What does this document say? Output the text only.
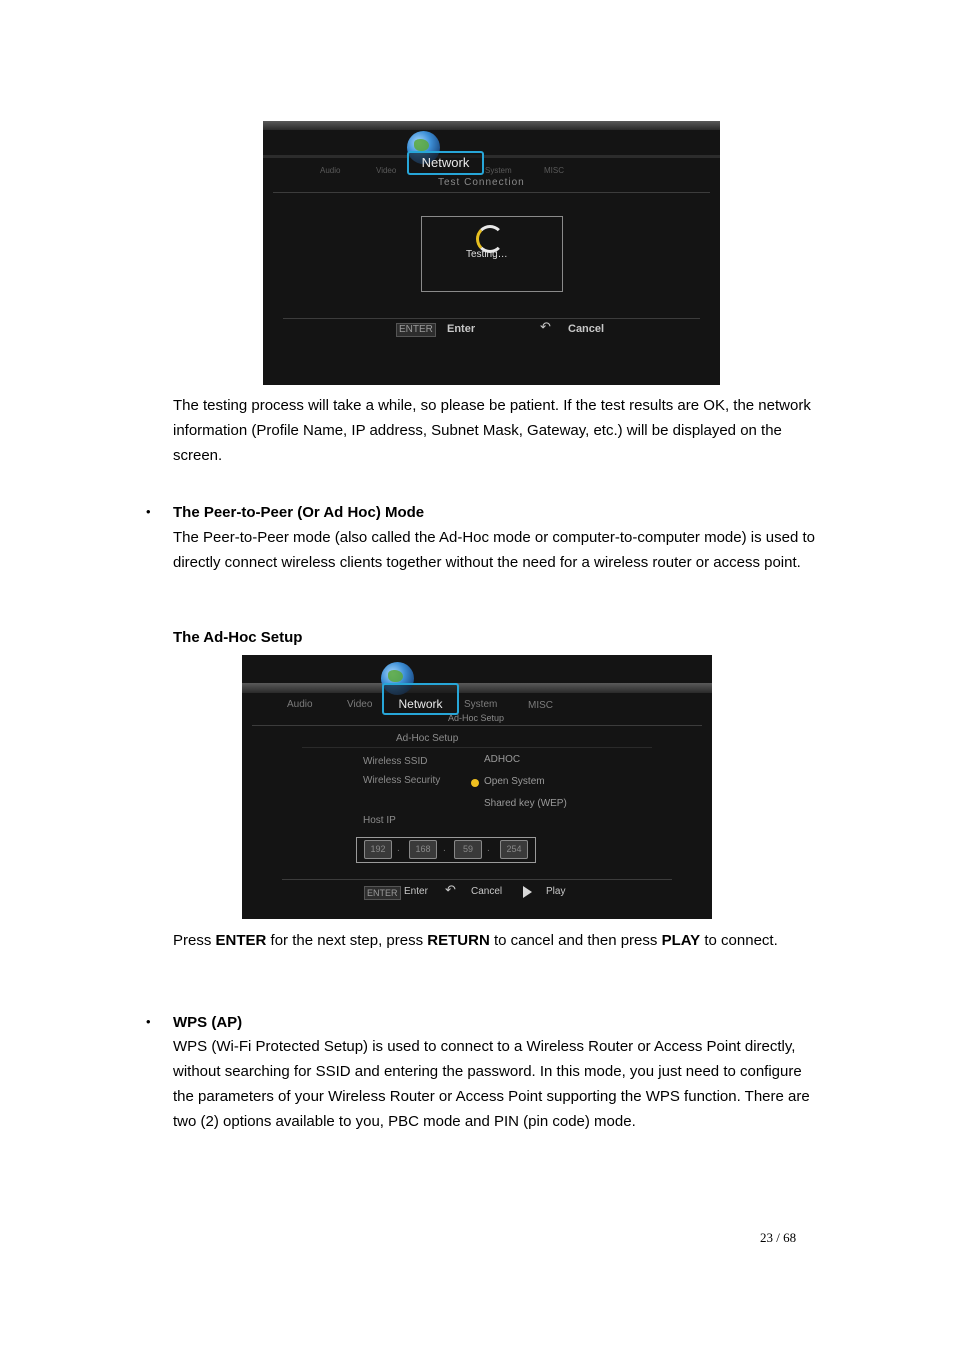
Audio	Video
Network
System	MISC
Test Connection
Testing…
ENTER Enter	↶ Cancel
The testing process will take a while, so please be patient. If the test results are OK, the network information (Profile Name, IP address, Subnet Mask, Gateway, etc.) will be displayed on the screen.
• The Peer-to-Peer (Or Ad Hoc) Mode
The Peer-to-Peer mode (also called the Ad-Hoc mode or computer-to-computer mode) is used to directly connect wireless clients together without the need for a wireless router or access point.
The Ad-Hoc Setup
Audio	Video	Network	System	MISC
Ad-Hoc Setup
Ad-Hoc Setup
Wireless SSID	ADHOC
Wireless Security	Open System
Shared key (WEP)
Host IP
192	.	168	.	59	.	254
ENTER Enter ↶ Cancel	Play
Press ENTER for the next step, press RETURN to cancel and then press PLAY to connect.
• WPS (AP)
WPS (Wi-Fi Protected Setup) is used to connect to a Wireless Router or Access Point directly, without searching for SSID and entering the password. In this mode, you just need to configure the parameters of your Wireless Router or Access Point supporting the WPS function. There are two (2) options available to you, PBC mode and PIN (pin code) mode.
23 / 68
